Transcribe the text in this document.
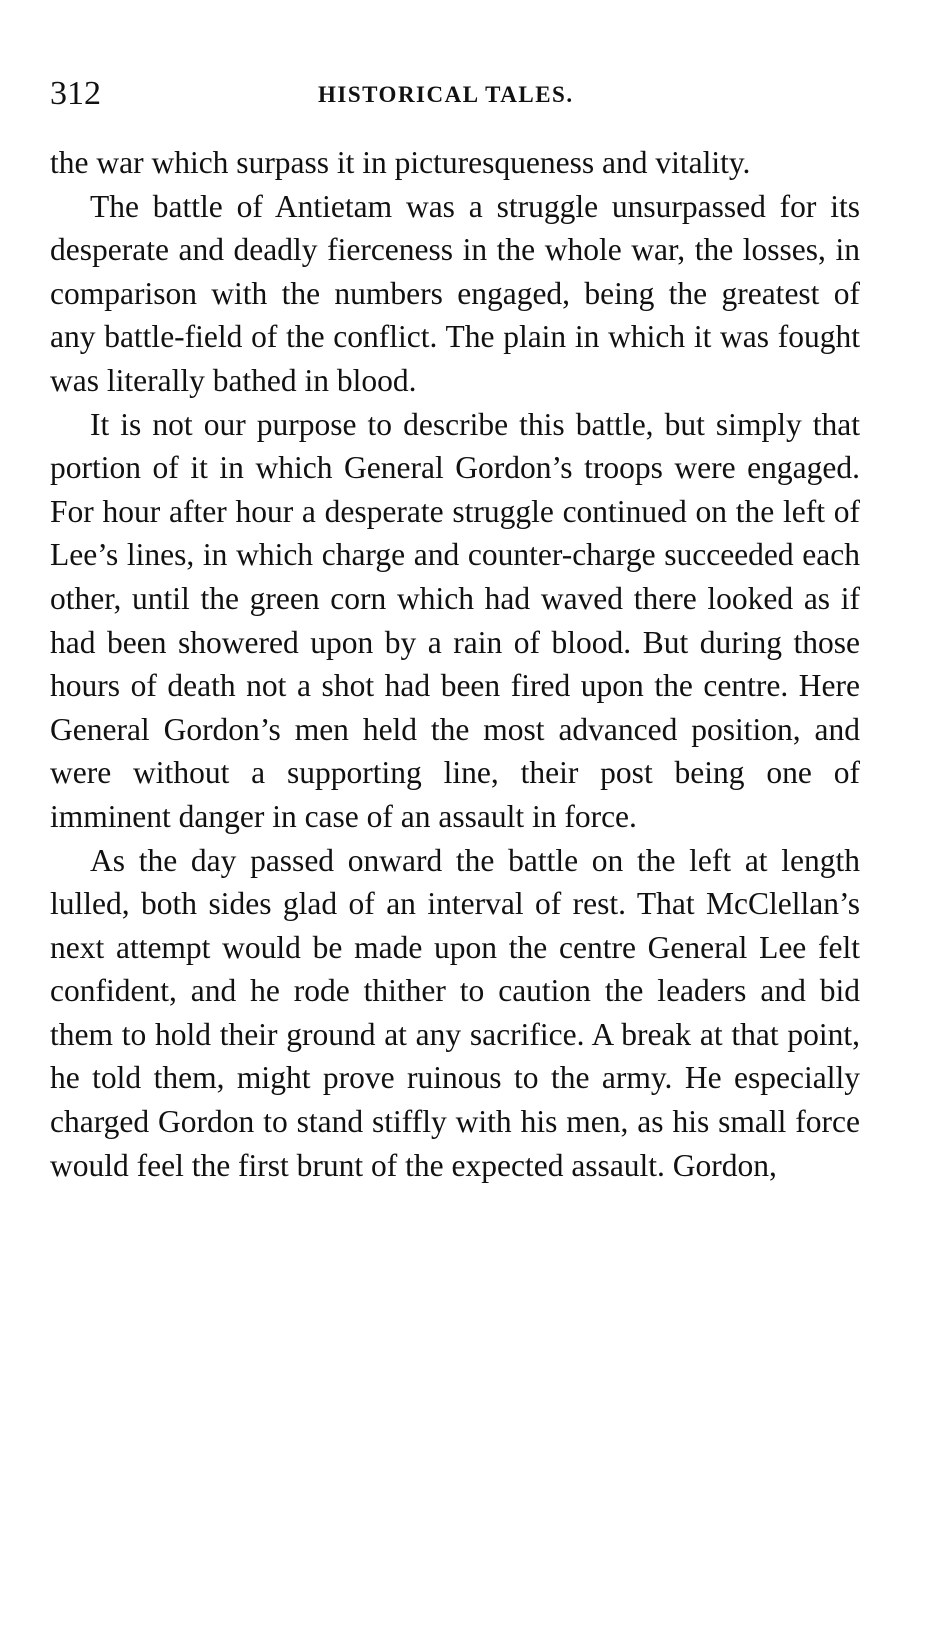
312	HISTORICAL TALES.

the war which surpass it in picturesqueness and vitality.

The battle of Antietam was a struggle unsurpassed for its desperate and deadly fierceness in the whole war, the losses, in comparison with the numbers engaged, being the greatest of any battle-field of the conflict. The plain in which it was fought was literally bathed in blood.

It is not our purpose to describe this battle, but simply that portion of it in which General Gordon’s troops were engaged. For hour after hour a desperate struggle continued on the left of Lee’s lines, in which charge and counter-charge succeeded each other, until the green corn which had waved there looked as if had been showered upon by a rain of blood. But during those hours of death not a shot had been fired upon the centre. Here General Gordon’s men held the most advanced position, and were without a supporting line, their post being one of imminent danger in case of an assault in force.

As the day passed onward the battle on the left at length lulled, both sides glad of an interval of rest. That McClellan’s next attempt would be made upon the centre General Lee felt confident, and he rode thither to caution the leaders and bid them to hold their ground at any sacrifice. A break at that point, he told them, might prove ruinous to the army. He especially charged Gordon to stand stiffly with his men, as his small force would feel the first brunt of the expected assault. Gordon,
